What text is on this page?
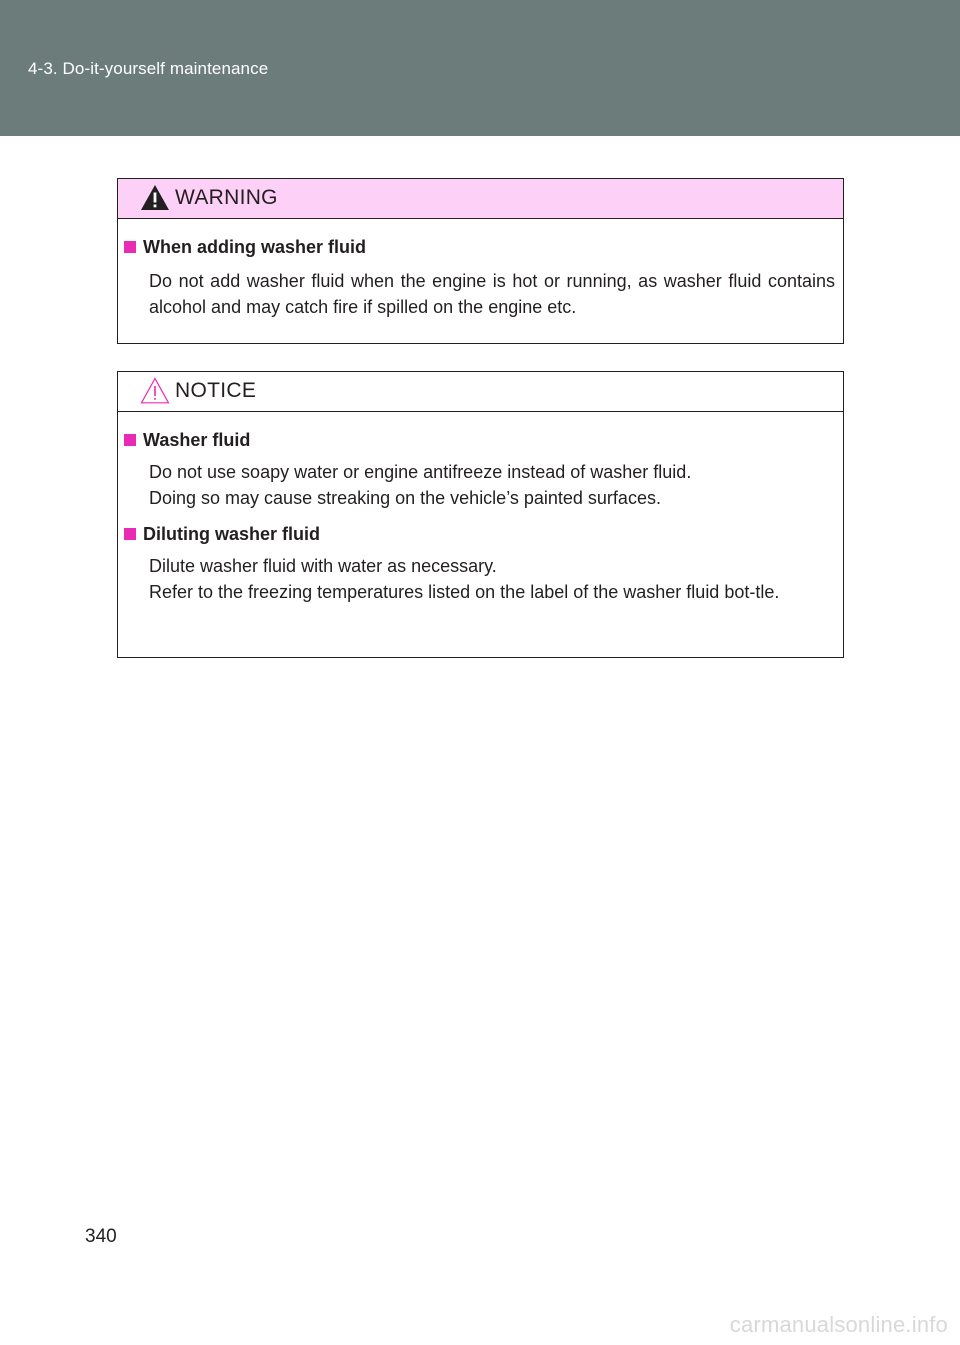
4-3. Do-it-yourself maintenance
WARNING
When adding washer fluid

Do not add washer fluid when the engine is hot or running, as washer fluid contains alcohol and may catch fire if spilled on the engine etc.

NOTICE
Washer fluid

Do not use soapy water or engine antifreeze instead of washer fluid.
Doing so may cause streaking on the vehicle’s painted surfaces.

Diluting washer fluid

Dilute washer fluid with water as necessary.
Refer to the freezing temperatures listed on the label of the washer fluid bot-tle.

340
carmanualsonline.info
